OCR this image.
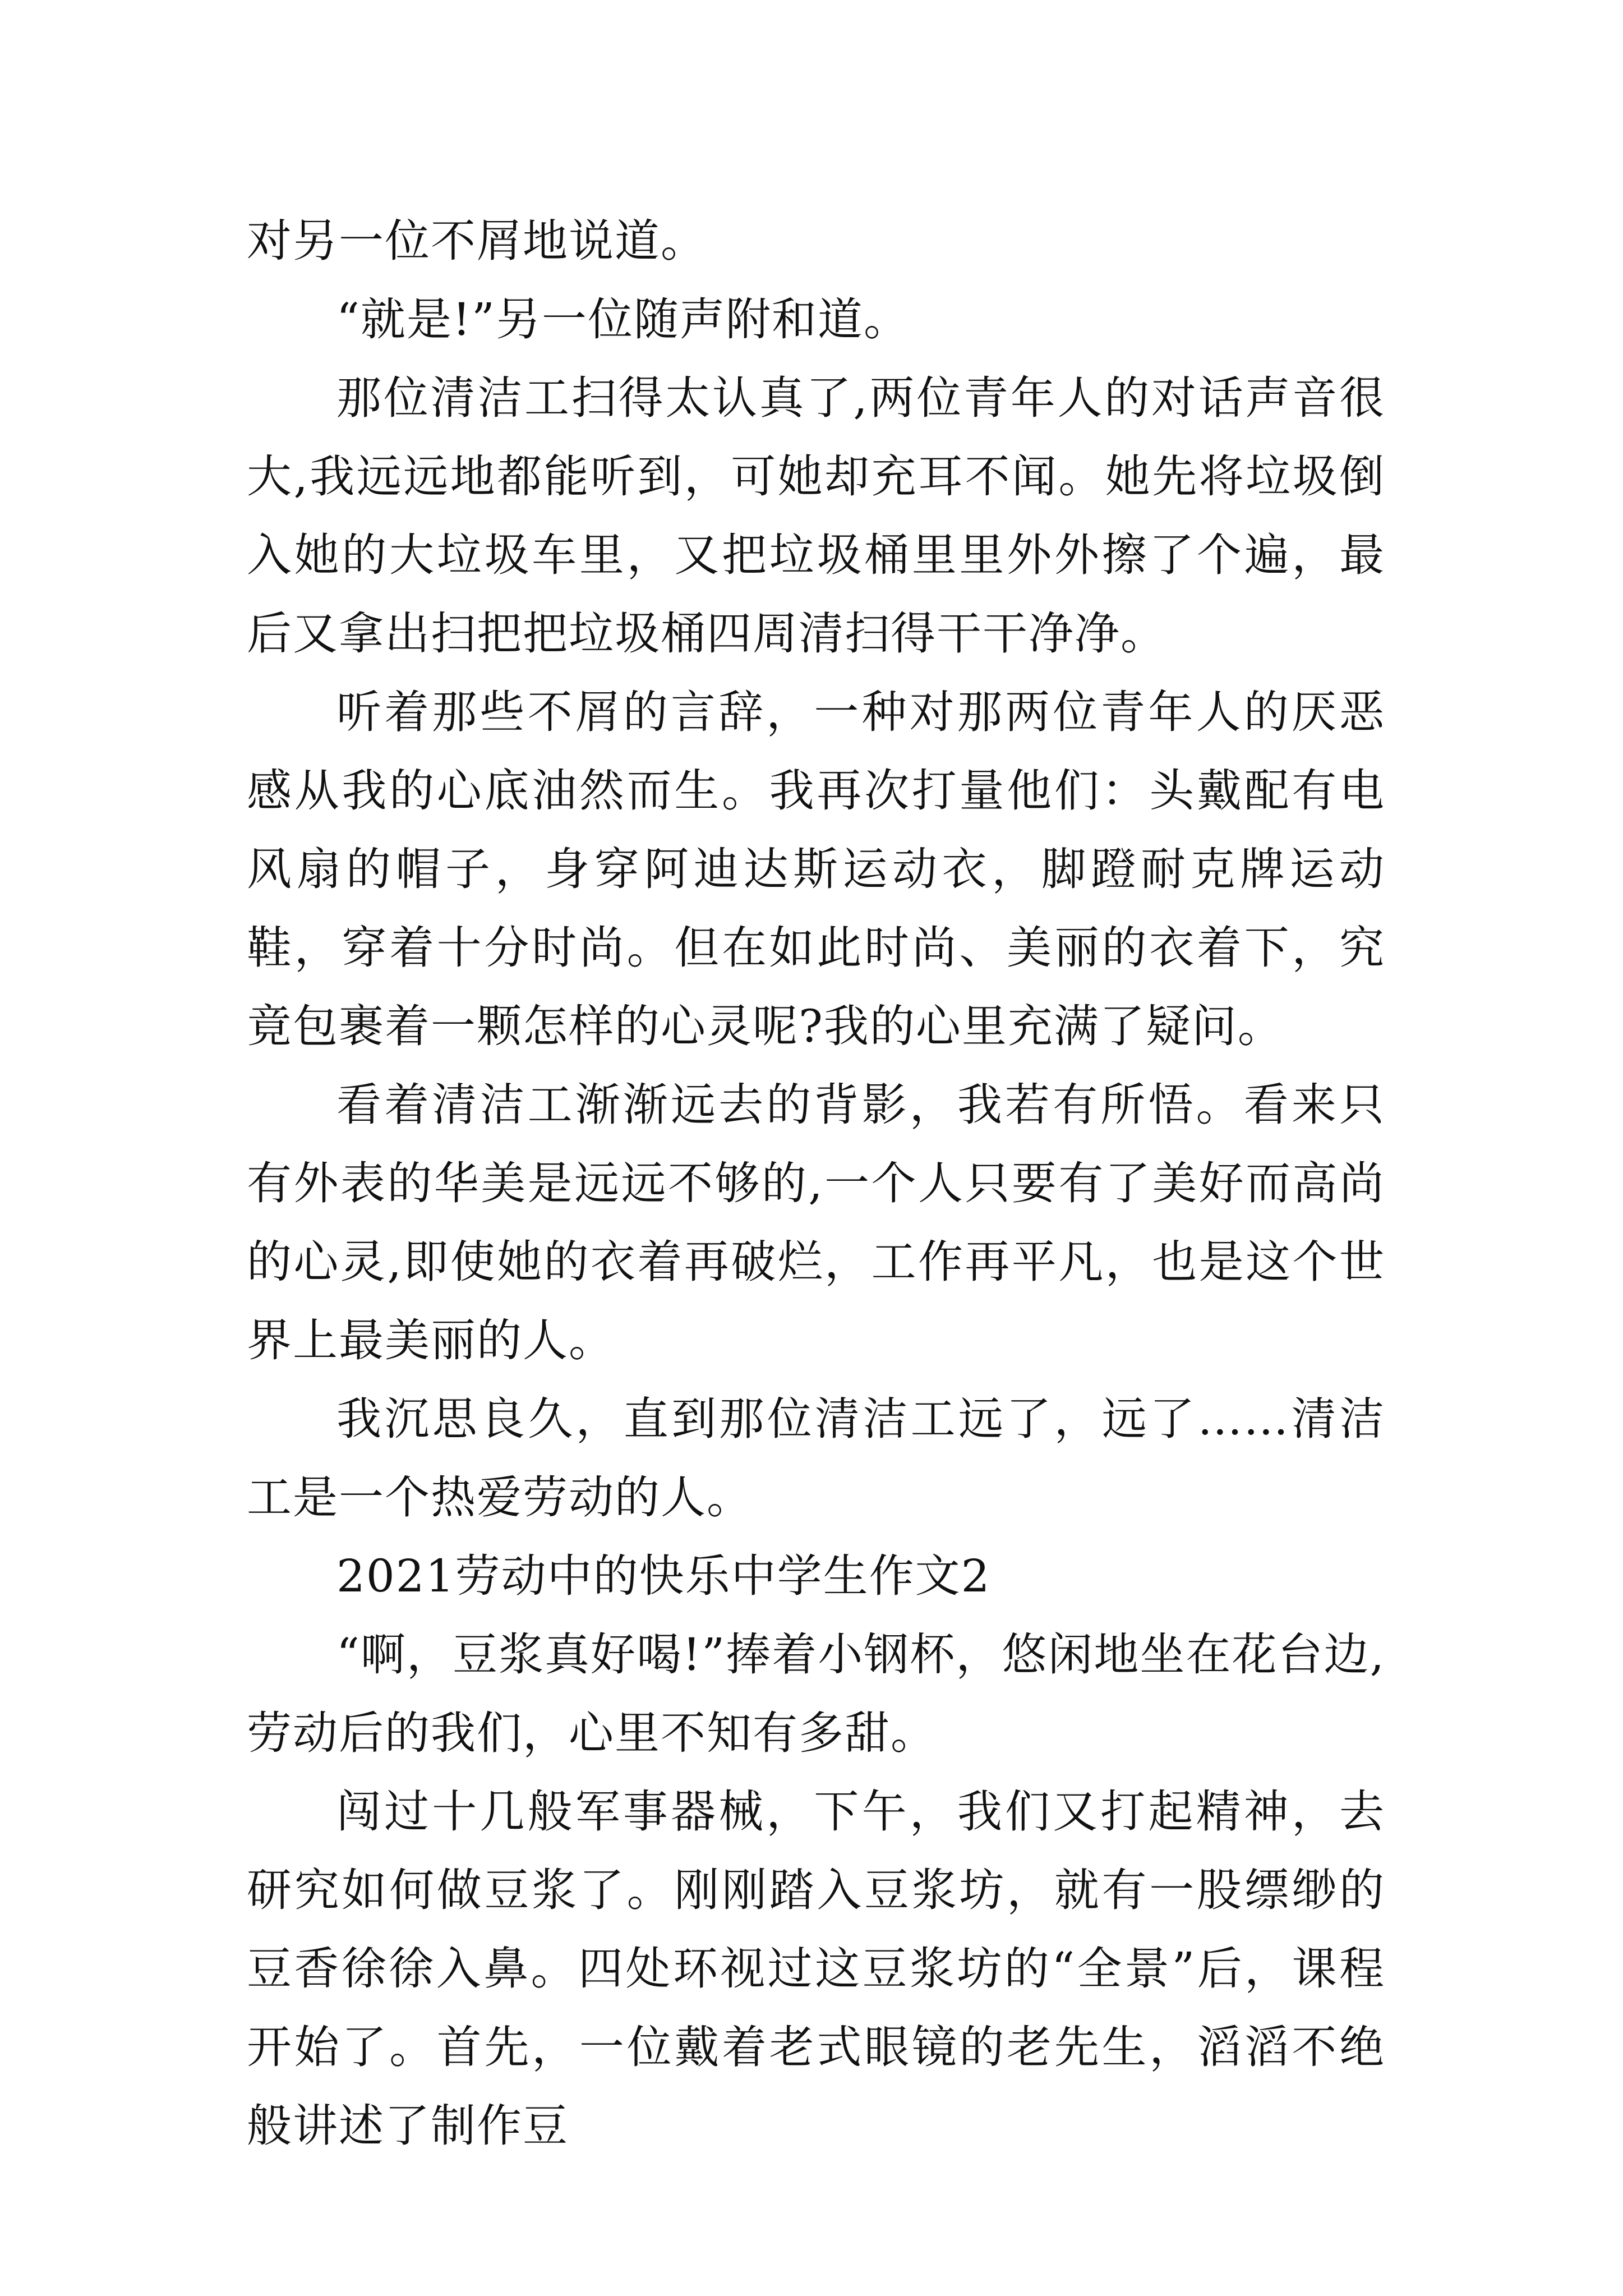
对另一位不屑地说道。

“就是!”另一位随声附和道。

那位清洁工扫得太认真了,两位青年人的对话声音很大,我远远地都能听到，可她却充耳不闻。她先将垃圾倒入她的大垃圾车里，又把垃圾桶里里外外擦了个遍，最后又拿出扫把把垃圾桶四周清扫得干干净净。

听着那些不屑的言辞，一种对那两位青年人的厌恶感从我的心底油然而生。我再次打量他们：头戴配有电风扇的帽子，身穿阿迪达斯运动衣，脚蹬耐克牌运动鞋，穿着十分时尚。但在如此时尚、美丽的衣着下，究竟包裹着一颗怎样的心灵呢?我的心里充满了疑问。

看着清洁工渐渐远去的背影，我若有所悟。看来只有外表的华美是远远不够的,一个人只要有了美好而高尚的心灵,即使她的衣着再破烂，工作再平凡，也是这个世界上最美丽的人。

我沉思良久，直到那位清洁工远了，远了……清洁工是一个热爱劳动的人。

2021劳动中的快乐中学生作文2

“啊，豆浆真好喝!”捧着小钢杯，悠闲地坐在花台边,劳动后的我们，心里不知有多甜。

闯过十几般军事器械，下午，我们又打起精神，去研究如何做豆浆了。刚刚踏入豆浆坊，就有一股缥缈的豆香徐徐入鼻。四处环视过这豆浆坊的“全景”后，课程开始了。首先，一位戴着老式眼镜的老先生，滔滔不绝般讲述了制作豆
